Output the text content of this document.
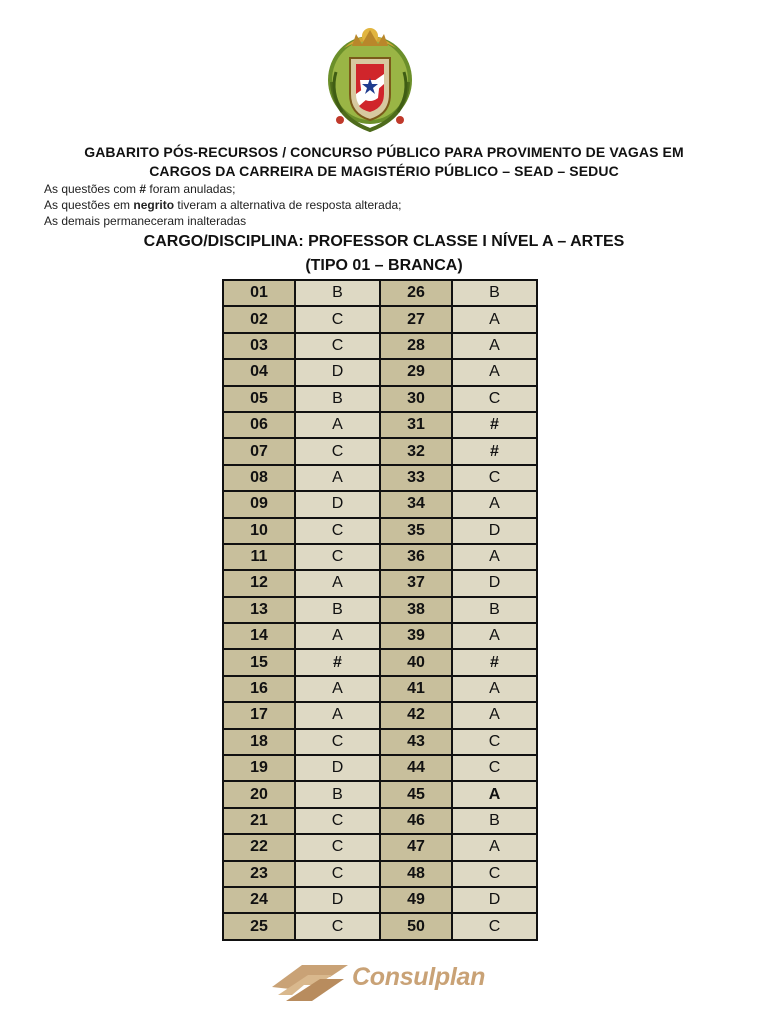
GABARITO PÓS-RECURSOS / CONCURSO PÚBLICO PARA PROVIMENTO DE VAGAS EM
CARGOS DA CARREIRA DE MAGISTÉRIO PÚBLICO – SEAD – SEDUC
As questões com # foram anuladas;
As questões em negrito tiveram a alternativa de resposta alterada;
As demais permaneceram inalteradas
CARGO/DISCIPLINA: PROFESSOR CLASSE I NÍVEL A – ARTES
(TIPO 01 – BRANCA)
01	B	26	B
02	C	27	A
03	C	28	A
04	D	29	A
05	B	30	C
06	A	31	#
07	C	32	#
08	A	33	C
09	D	34	A
10	C	35	D
11	C	36	A
12	A	37	D
13	B	38	B
14	A	39	A
15	#	40	#
16	A	41	A
17	A	42	A
18	C	43	C
19	D	44	C
20	B	45	A
21	C	46	B
22	C	47	A
23	C	48	C
24	D	49	D
25	C	50	C
Consulplan
